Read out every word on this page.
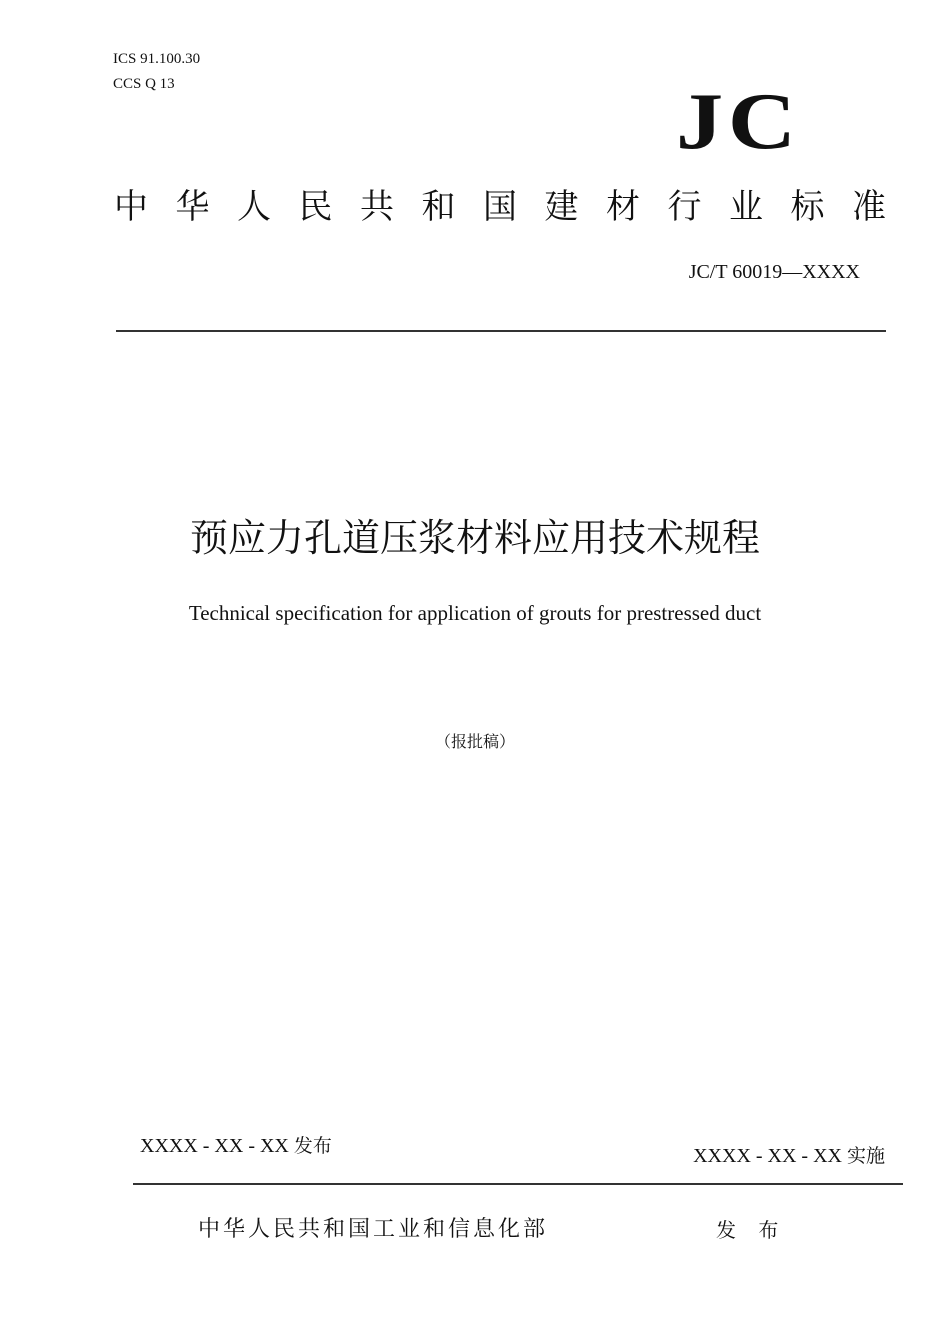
ICS 91.100.30
CCS Q 13	JC
中 华 人 民 共 和 国 建 材 行 业 标 准
JC/T 60019—XXXX
预应力孔道压浆材料应用技术规程
Technical specification for application of grouts for prestressed duct
（报批稿）
XXXX - XX - XX 发布	XXXX - XX - XX 实施
中华人民共和国工业和信息化部	发 布
